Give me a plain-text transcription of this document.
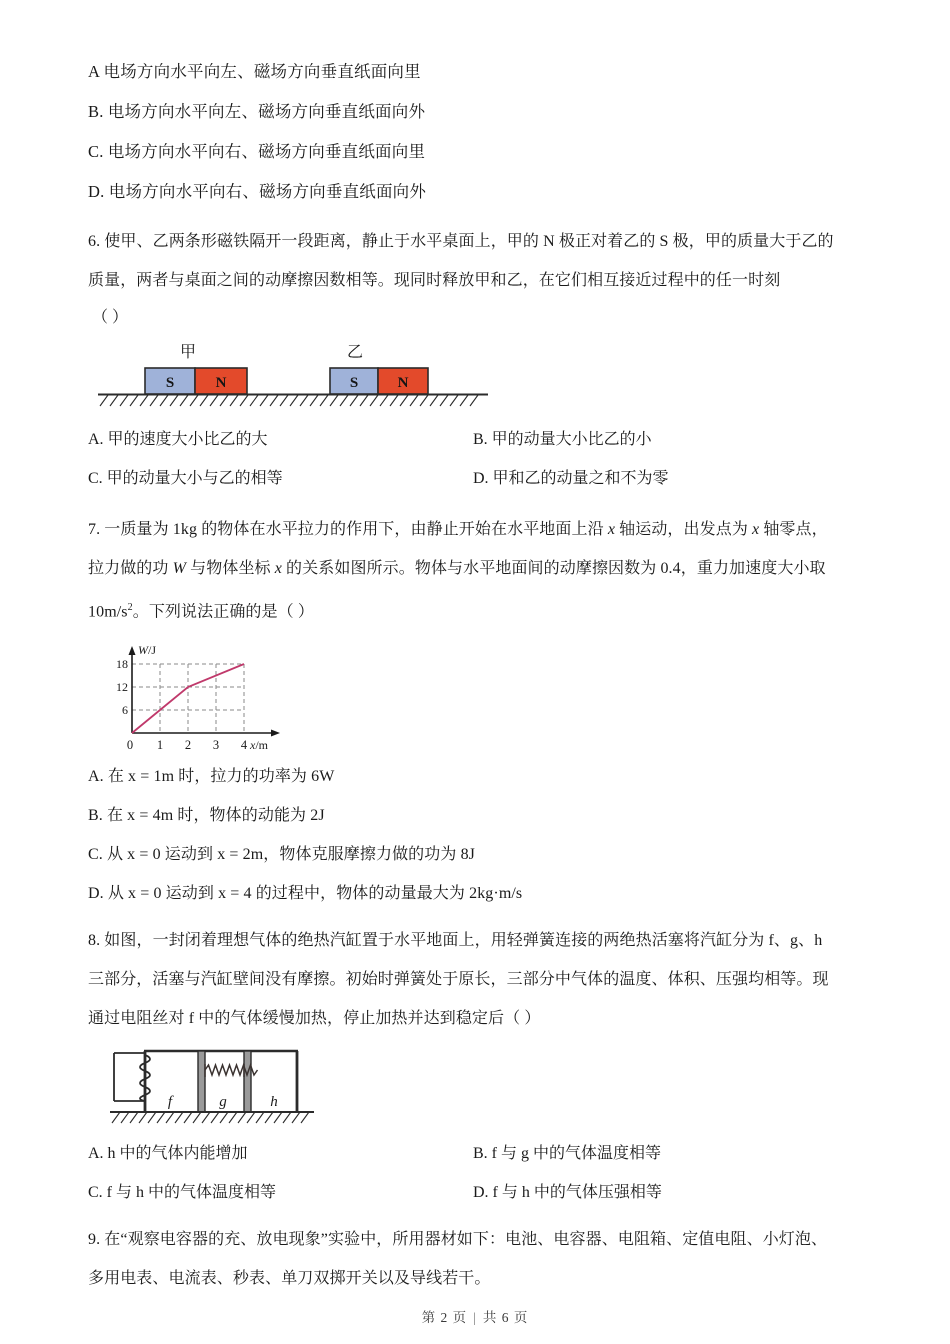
A 电场方向水平向左、磁场方向垂直纸面向里
B. 电场方向水平向左、磁场方向垂直纸面向外
C. 电场方向水平向右、磁场方向垂直纸面向里
D. 电场方向水平向右、磁场方向垂直纸面向外
6. 使甲、乙两条形磁铁隔开一段距离，静止于水平桌面上，甲的 N 极正对着乙的 S 极，甲的质量大于乙的
质量，两者与桌面之间的动摩擦因数相等。现同时释放甲和乙，在它们相互接近过程中的任一时刻
（ ）
甲	乙
S	N	S	N
A. 甲的速度大小比乙的大	B. 甲的动量大小比乙的小
C. 甲的动量大小与乙的相等	D. 甲和乙的动量之和不为零
7. 一质量为 1kg 的物体在水平拉力的作用下，由静止开始在水平地面上沿 x 轴运动，出发点为 x 轴零点，
拉力做的功 W 与物体坐标 x 的关系如图所示。物体与水平地面间的动摩擦因数为 0.4，重力加速度大小取
$10m/s^2$。下列说法正确的是（ ）
W/J
x/m
18
12
6
0 1 2 3 4
A. 在 x = 1m 时，拉力的功率为 6W
B. 在 x = 4m 时，物体的动能为 2J
C. 从 x = 0 运动到 x = 2m，物体克服摩擦力做的功为 8J
D. 从 x = 0 运动到 x = 4 的过程中，物体的动量最大为 2kg·m/s
8. 如图，一封闭着理想气体的绝热汽缸置于水平地面上，用轻弹簧连接的两绝热活塞将汽缸分为 f、g、h
三部分，活塞与汽缸壁间没有摩擦。初始时弹簧处于原长，三部分中气体的温度、体积、压强均相等。现
通过电阻丝对 f 中的气体缓慢加热，停止加热并达到稳定后（ ）
f	g	h
A. h 中的气体内能增加	B. f 与 g 中的气体温度相等
C. f 与 h 中的气体温度相等	D. f 与 h 中的气体压强相等
9. 在“观察电容器的充、放电现象”实验中，所用器材如下：电池、电容器、电阻箱、定值电阻、小灯泡、
多用电表、电流表、秒表、单刀双掷开关以及导线若干。
第 2 页 | 共 6 页
